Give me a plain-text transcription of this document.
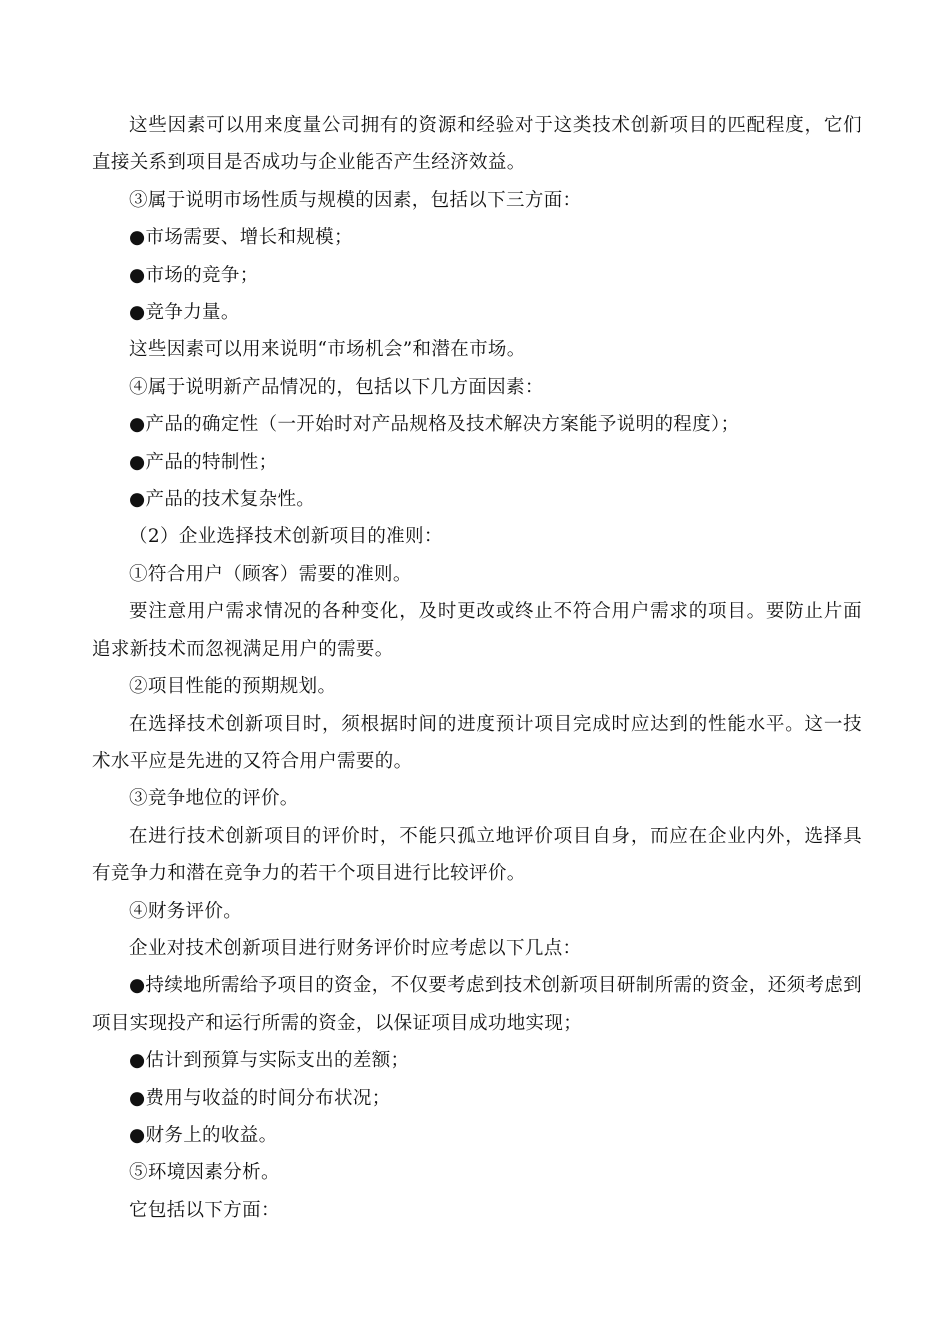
这些因素可以用来度量公司拥有的资源和经验对于这类技术创新项目的匹配程度，它们直接关系到项目是否成功与企业能否产生经济效益。

③属于说明市场性质与规模的因素，包括以下三方面：

●市场需要、增长和规模；

●市场的竞争；

●竞争力量。

这些因素可以用来说明“市场机会”和潜在市场。

④属于说明新产品情况的，包括以下几方面因素：

●产品的确定性（一开始时对产品规格及技术解决方案能予说明的程度）；

●产品的特制性；

●产品的技术复杂性。

（2）企业选择技术创新项目的准则：

①符合用户（顾客）需要的准则。

要注意用户需求情况的各种变化，及时更改或终止不符合用户需求的项目。要防止片面追求新技术而忽视满足用户的需要。

②项目性能的预期规划。

在选择技术创新项目时，须根据时间的进度预计项目完成时应达到的性能水平。这一技术水平应是先进的又符合用户需要的。

③竞争地位的评价。

在进行技术创新项目的评价时，不能只孤立地评价项目自身，而应在企业内外，选择具有竞争力和潜在竞争力的若干个项目进行比较评价。

④财务评价。

企业对技术创新项目进行财务评价时应考虑以下几点：

●持续地所需给予项目的资金，不仅要考虑到技术创新项目研制所需的资金，还须考虑到项目实现投产和运行所需的资金，以保证项目成功地实现；

●估计到预算与实际支出的差额；

●费用与收益的时间分布状况；

●财务上的收益。

⑤环境因素分析。

它包括以下方面：
